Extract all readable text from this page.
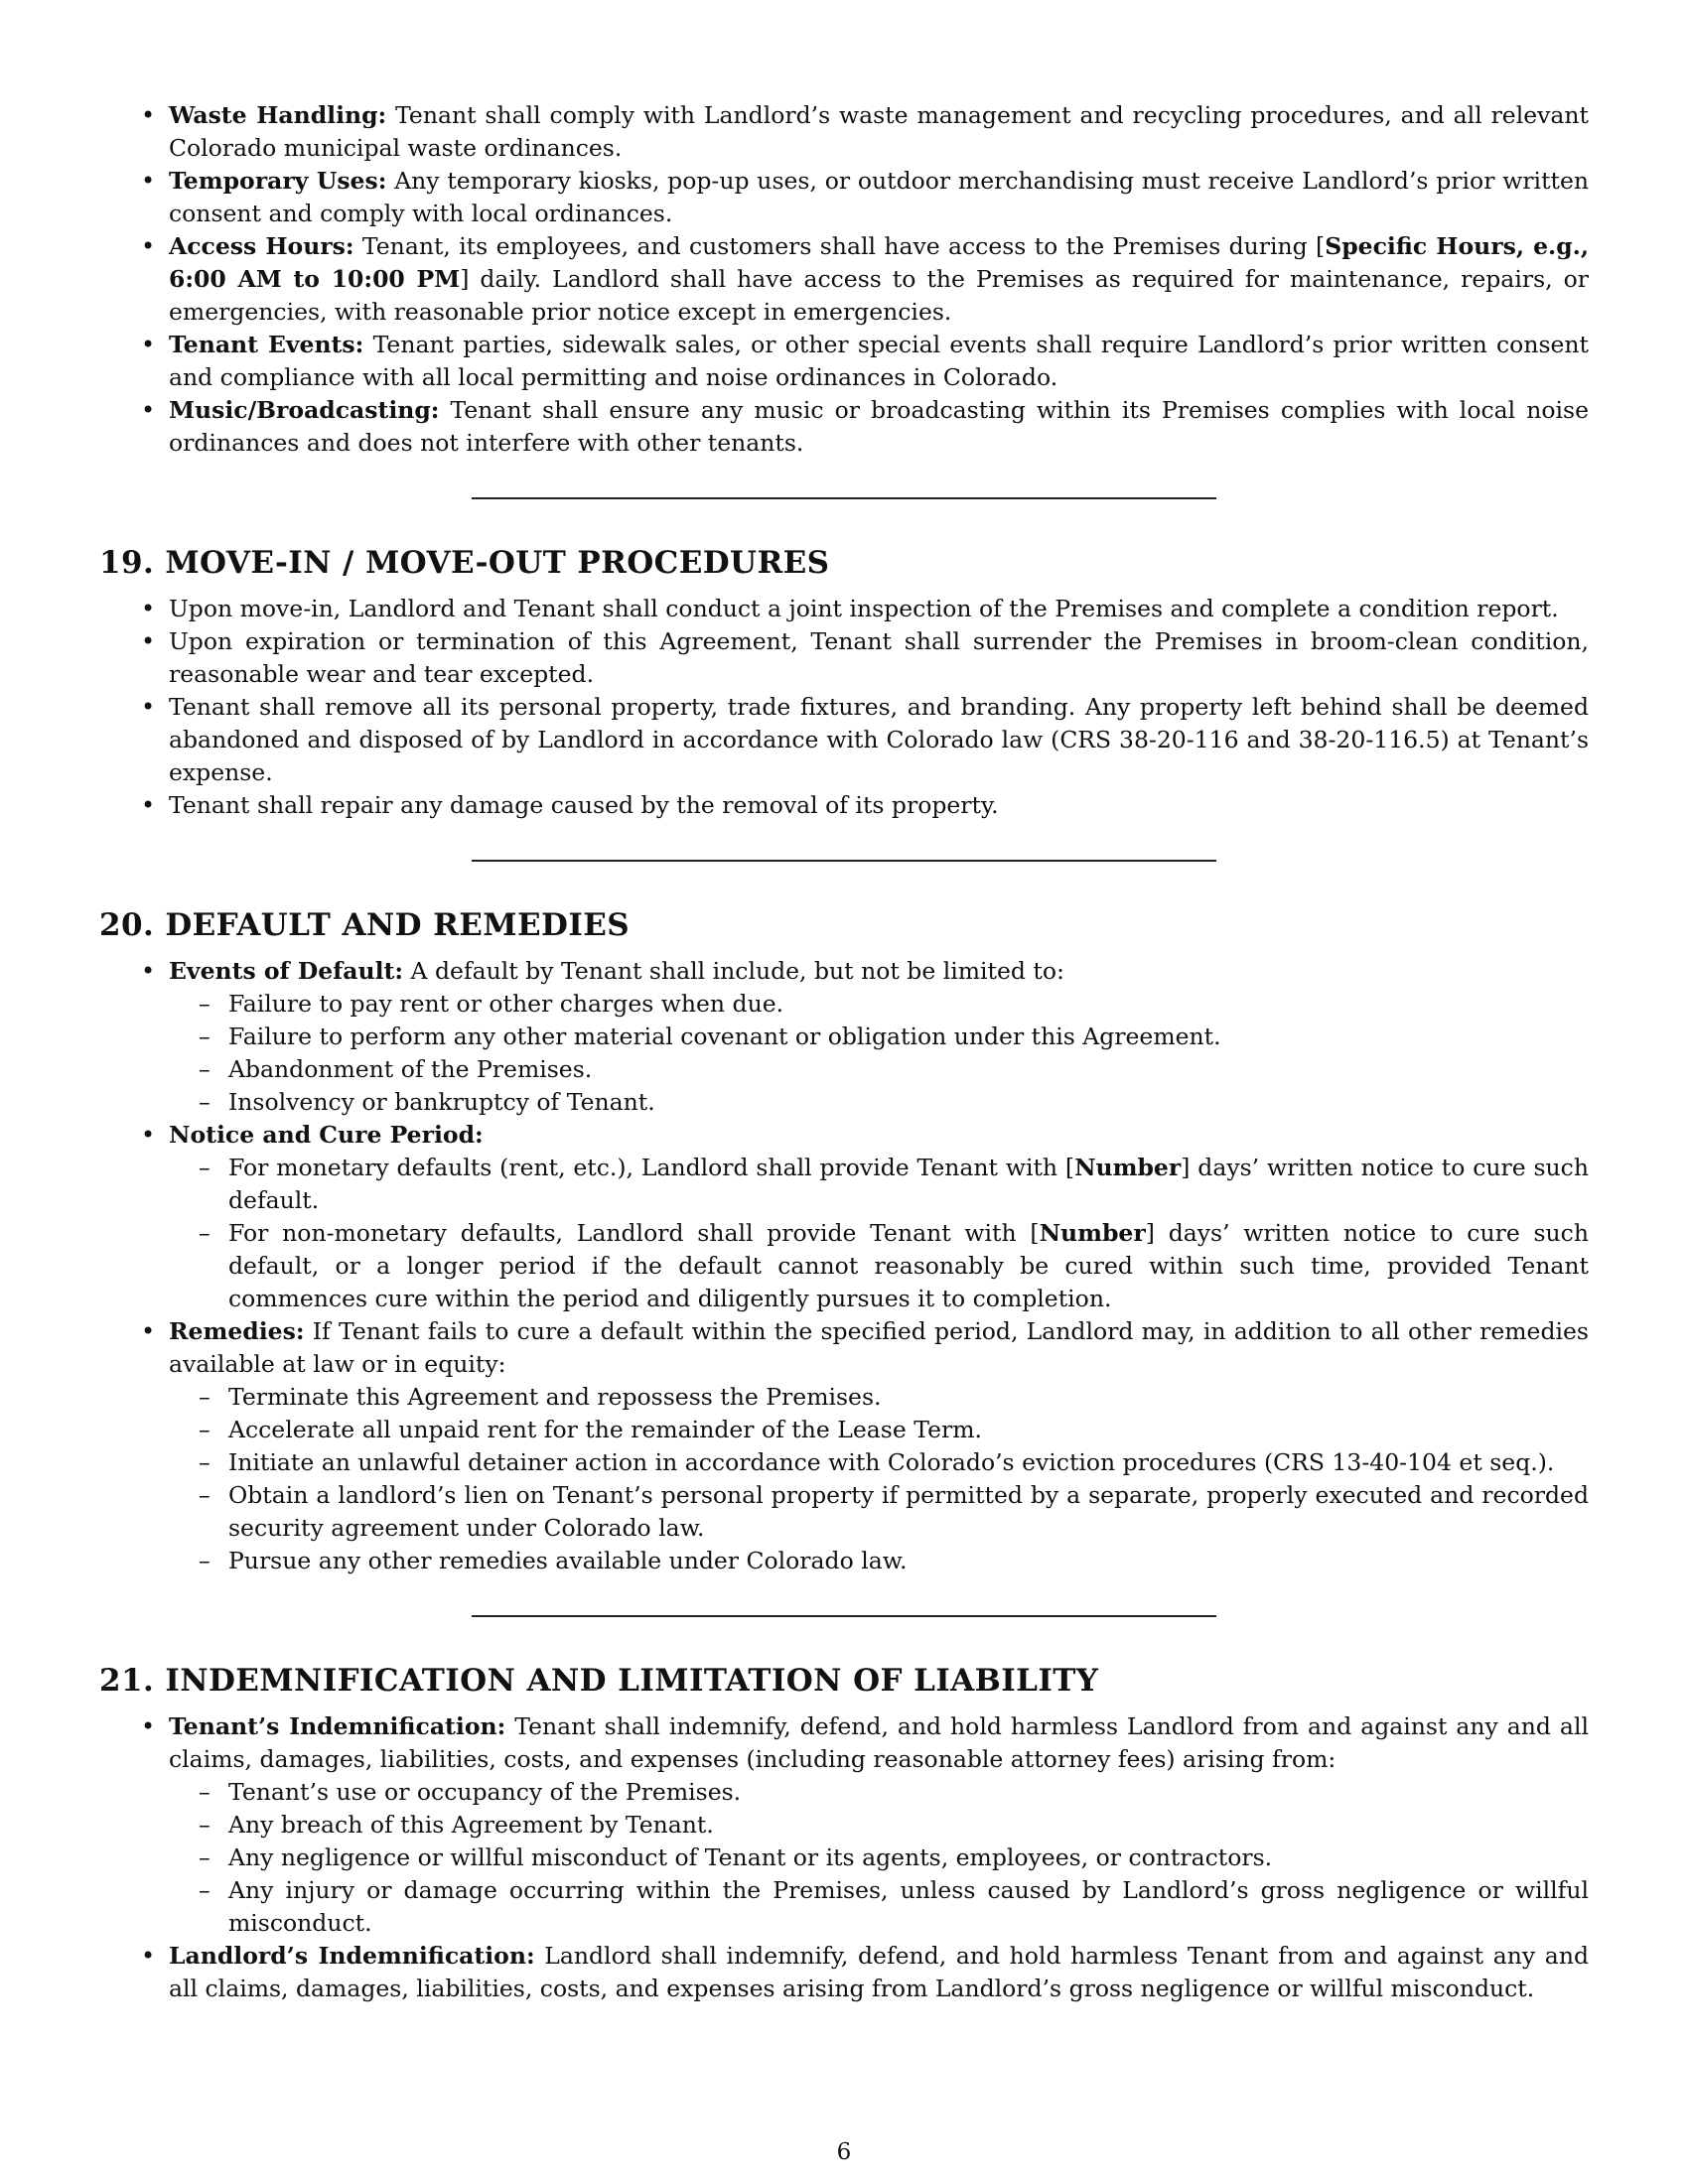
• Waste Handling: Tenant shall comply with Landlord’s waste management and recycling procedures, and all relevant Colorado municipal waste ordinances.
• Temporary Uses: Any temporary kiosks, pop-up uses, or outdoor merchandising must receive Landlord’s prior written consent and comply with local ordinances.
• Access Hours: Tenant, its employees, and customers shall have access to the Premises during [Specific Hours, e.g., 6:00 AM to 10:00 PM] daily. Landlord shall have access to the Premises as required for maintenance, repairs, or emergencies, with reasonable prior notice except in emergencies.
• Tenant Events: Tenant parties, sidewalk sales, or other special events shall require Landlord’s prior written consent and compliance with all local permitting and noise ordinances in Colorado.
• Music/Broadcasting: Tenant shall ensure any music or broadcasting within its Premises complies with local noise ordinances and does not interfere with other tenants.
19. MOVE-IN / MOVE-OUT PROCEDURES
• Upon move-in, Landlord and Tenant shall conduct a joint inspection of the Premises and complete a condition report.
• Upon expiration or termination of this Agreement, Tenant shall surrender the Premises in broom-clean condition, reasonable wear and tear excepted.
• Tenant shall remove all its personal property, trade fixtures, and branding. Any property left behind shall be deemed abandoned and disposed of by Landlord in accordance with Colorado law (CRS 38-20-116 and 38-20-116.5) at Tenant’s expense.
• Tenant shall repair any damage caused by the removal of its property.
20. DEFAULT AND REMEDIES
• Events of Default: A default by Tenant shall include, but not be limited to:
– Failure to pay rent or other charges when due.
– Failure to perform any other material covenant or obligation under this Agreement.
– Abandonment of the Premises.
– Insolvency or bankruptcy of Tenant.
• Notice and Cure Period:
– For monetary defaults (rent, etc.), Landlord shall provide Tenant with [Number] days’ written notice to cure such default.
– For non-monetary defaults, Landlord shall provide Tenant with [Number] days’ written notice to cure such default, or a longer period if the default cannot reasonably be cured within such time, provided Tenant commences cure within the period and diligently pursues it to completion.
• Remedies: If Tenant fails to cure a default within the specified period, Landlord may, in addition to all other remedies available at law or in equity:
– Terminate this Agreement and repossess the Premises.
– Accelerate all unpaid rent for the remainder of the Lease Term.
– Initiate an unlawful detainer action in accordance with Colorado’s eviction procedures (CRS 13-40-104 et seq.).
– Obtain a landlord’s lien on Tenant’s personal property if permitted by a separate, properly executed and recorded security agreement under Colorado law.
– Pursue any other remedies available under Colorado law.
21. INDEMNIFICATION AND LIMITATION OF LIABILITY
• Tenant’s Indemnification: Tenant shall indemnify, defend, and hold harmless Landlord from and against any and all claims, damages, liabilities, costs, and expenses (including reasonable attorney fees) arising from:
– Tenant’s use or occupancy of the Premises.
– Any breach of this Agreement by Tenant.
– Any negligence or willful misconduct of Tenant or its agents, employees, or contractors.
– Any injury or damage occurring within the Premises, unless caused by Landlord’s gross negligence or willful misconduct.
• Landlord’s Indemnification: Landlord shall indemnify, defend, and hold harmless Tenant from and against any and all claims, damages, liabilities, costs, and expenses arising from Landlord’s gross negligence or willful misconduct.
6
